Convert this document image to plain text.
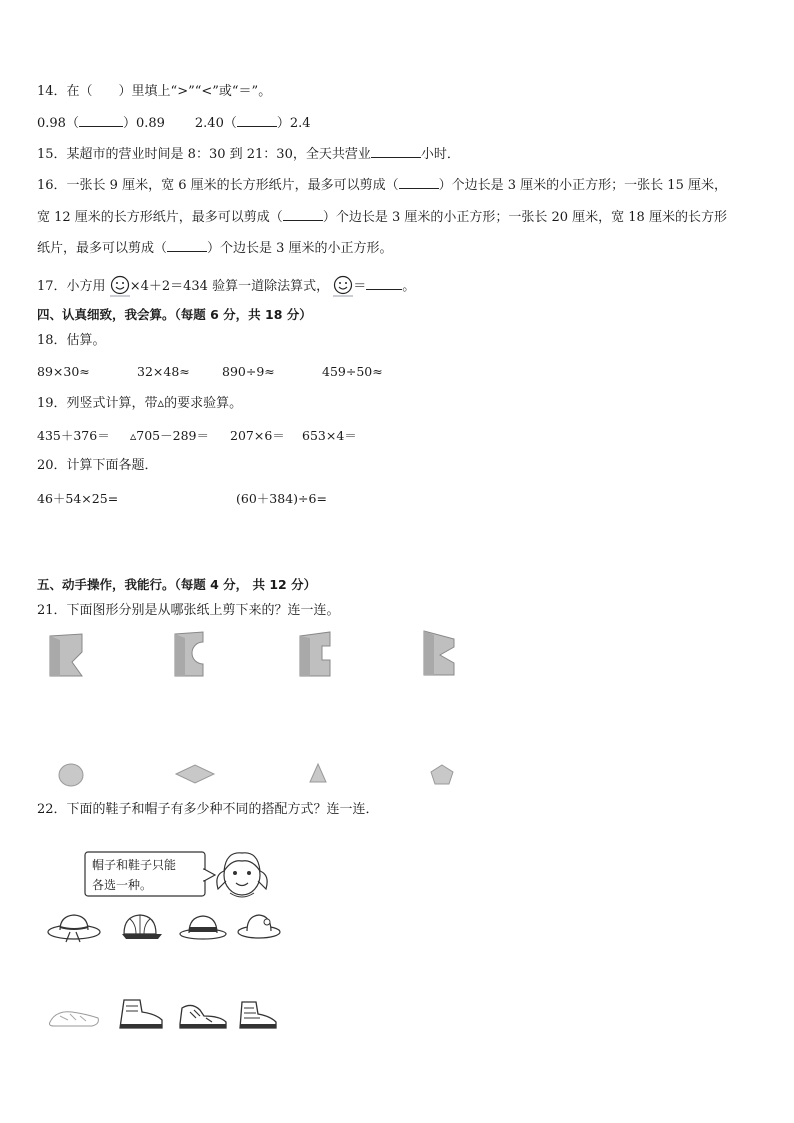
14．在（　　）里填上“>”“<”或“＝”。
0.98（	）0.89 2.40（	）2.4
15．某超市的营业时间是 8：30 到 21：30，全天共营业	小时．
16．一张长 9 厘米，宽 6 厘米的长方形纸片，最多可以剪成（	）个边长是 3 厘米的小正方形；一张长 15 厘米，
宽 12 厘米的长方形纸片，最多可以剪成（	）个边长是 3 厘米的小正方形；一张长 20 厘米，宽 18 厘米的长方形
纸片，最多可以剪成（	）个边长是 3 厘米的小正方形。
17．小方用 ×4＋2＝434 验算一道除法算式， ＝	。
四、认真细致，我会算。（每题 6 分，共 18 分）
18．估算。
89×30≈	32×48≈	890÷9≈	459÷50≈
19．列竖式计算，带▵的要求验算。
435＋376＝ ▵705－289＝ 207×6＝ 653×4＝
20．计算下面各题．
46＋54×25=	(60＋384)÷6=
五、动手操作，我能行。（每题 4 分， 共 12 分）
21．下面图形分别是从哪张纸上剪下来的？连一连。
22．下面的鞋子和帽子有多少种不同的搭配方式？连一连．
帽子和鞋子只能
各选一种。
